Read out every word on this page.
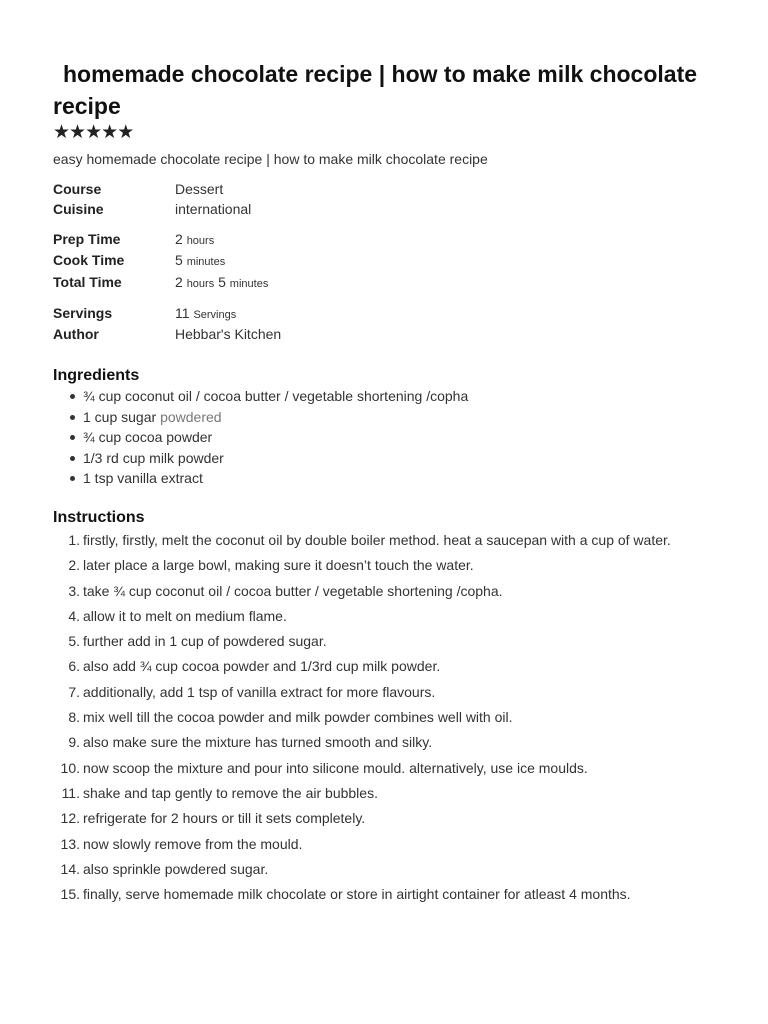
homemade chocolate recipe | how to make milk chocolate recipe
★★★★★
easy homemade chocolate recipe | how to make milk chocolate recipe
Course	Dessert
Cuisine	international
Prep Time	2 hours
Cook Time	5 minutes
Total Time	2 hours 5 minutes
Servings	11 Servings
Author	Hebbar's Kitchen
Ingredients
¾ cup coconut oil / cocoa butter / vegetable shortening /copha
1 cup sugar powdered
¾ cup cocoa powder
1/3 rd cup milk powder
1 tsp vanilla extract
Instructions
1. firstly, firstly, melt the coconut oil by double boiler method. heat a saucepan with a cup of water.
2. later place a large bowl, making sure it doesn’t touch the water.
3. take ¾ cup coconut oil / cocoa butter / vegetable shortening /copha.
4. allow it to melt on medium flame.
5. further add in 1 cup of powdered sugar.
6. also add ¾ cup cocoa powder and 1/3rd cup milk powder.
7. additionally, add 1 tsp of vanilla extract for more flavours.
8. mix well till the cocoa powder and milk powder combines well with oil.
9. also make sure the mixture has turned smooth and silky.
10. now scoop the mixture and pour into silicone mould. alternatively, use ice moulds.
11. shake and tap gently to remove the air bubbles.
12. refrigerate for 2 hours or till it sets completely.
13. now slowly remove from the mould.
14. also sprinkle powdered sugar.
15. finally, serve homemade milk chocolate or store in airtight container for atleast 4 months.
